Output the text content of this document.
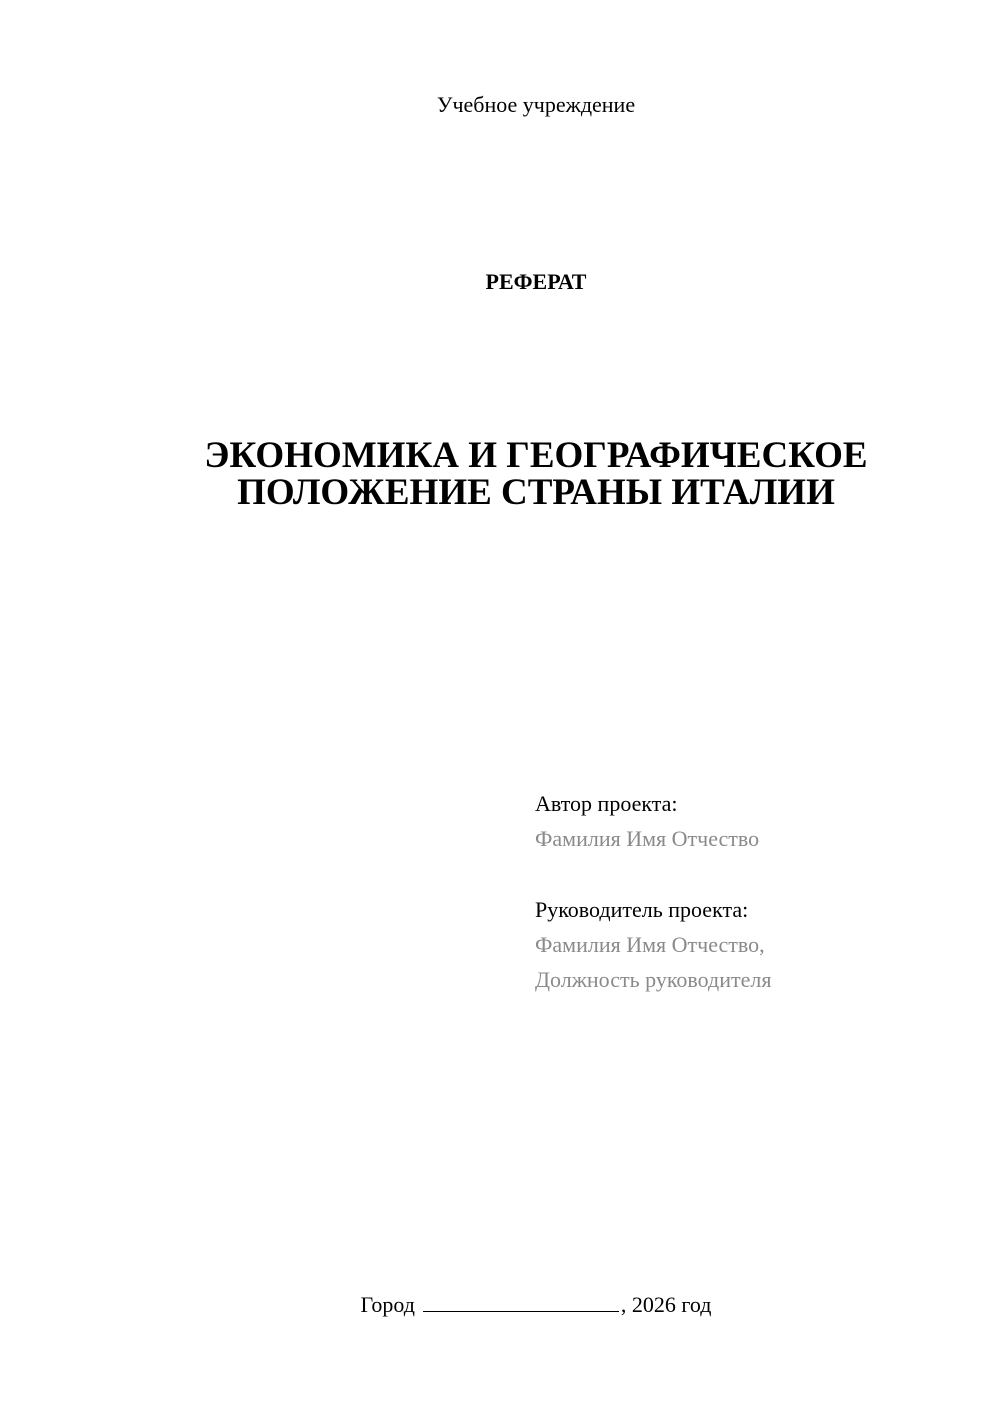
Учебное учреждение
РЕФЕРАТ
ЭКОНОМИКА И ГЕОГРАФИЧЕСКОЕ
ПОЛОЖЕНИЕ СТРАНЫ ИТАЛИИ
Автор проекта:
Фамилия Имя Отчество
Руководитель проекта:
Фамилия Имя Отчество,
Должность руководителя
Город	, 2026 год
